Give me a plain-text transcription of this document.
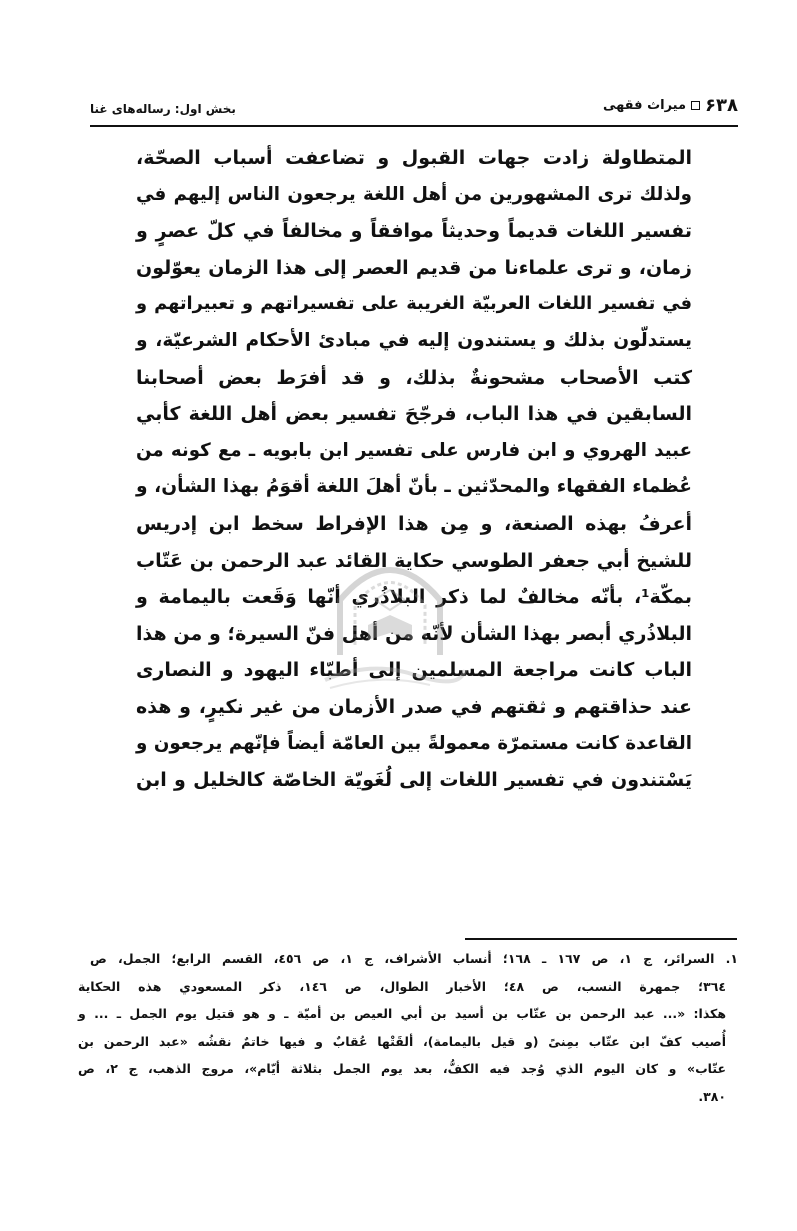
۶۳۸
میراث فقهی
بخش اول: رساله‌های غنا
المتطاولة زادت جهات القبول و تضاعفت أسباب الصحّة،
ولذلك ترى المشهورين من أهل اللغة يرجعون الناس إليهم في
تفسير اللغات قديماً وحديثاً موافقاً و مخالفاً في كلّ عصرٍ و
زمان، و ترى علماءنا من قديم العصر إلى هذا الزمان يعوّلون
في تفسير اللغات العربيّة الغريبة على تفسيراتهم و تعبيراتهم و
يستدلّون بذلك و يستندون إليه في مبادئ الأحكام الشرعيّة، و
كتب الأصحاب مشحونةٌ بذلك، و قد أفرَط بعض أصحابنا
السابقين في هذا الباب، فرجّحَ تفسير بعض أهل اللغة كأبي
عبيد الهروي و ابن فارس على تفسير ابن بابويه ـ مع كونه من
عُظماء الفقهاء والمحدّثين ـ بأنّ أهلَ اللغة أقوَمُ بهذا الشأن، و
أعرفُ بهذه الصنعة، و مِن هذا الإفراط سخط ابن إدريس
للشيخ أبي جعفر الطوسي حكاية القائد عبد الرحمن بن عَتّاب
بمكّة¹، بأنّه مخالفٌ لما ذكر البلاذُري أنّها وَقَعت باليمامة و
البلاذُري أبصر بهذا الشأن لأنّه من أهل فنّ السيرة؛ و من هذا
الباب كانت مراجعة المسلمين إلى أطبّاء اليهود و النصارى
عند حذاقتهم و ثقتهم في صدر الأزمان من غير نكيرٍ، و هذه
القاعدة كانت مستمرّة معمولةً بين العامّة أيضاً فإنّهم يرجعون و
يَسْتندون في تفسير اللغات إلى لُغَويّة الخاصّة كالخليل و ابن
١. السرائر، ج ١، ص ١٦٧ ـ ١٦٨؛ أنساب الأشراف، ج ١، ص ٤٥٦، القسم الرابع؛ الجمل، ص
٣٦٤؛ جمهرة النسب، ص ٤٨؛ الأخبار الطوال، ص ١٤٦، ذكر المسعودي هذه الحكاية
هكذا: «... عبد الرحمن بن عتّاب بن أسيد بن أبي العيص بن أميّة ـ و هو قتيل يوم الجمل ـ ... و
أُصيب كفّ ابن عتّاب بمِنىً (و قيل باليمامة)، ألقَتْها عُقابٌ و فيها خاتمٌ نقشُه «عبد الرحمن بن
عتّاب» و كان اليوم الذي وُجد فيه الكفُّ، بعد يوم الجمل بثلاثة أيّام»، مروج الذهب، ج ٢، ص
٣٨٠.
